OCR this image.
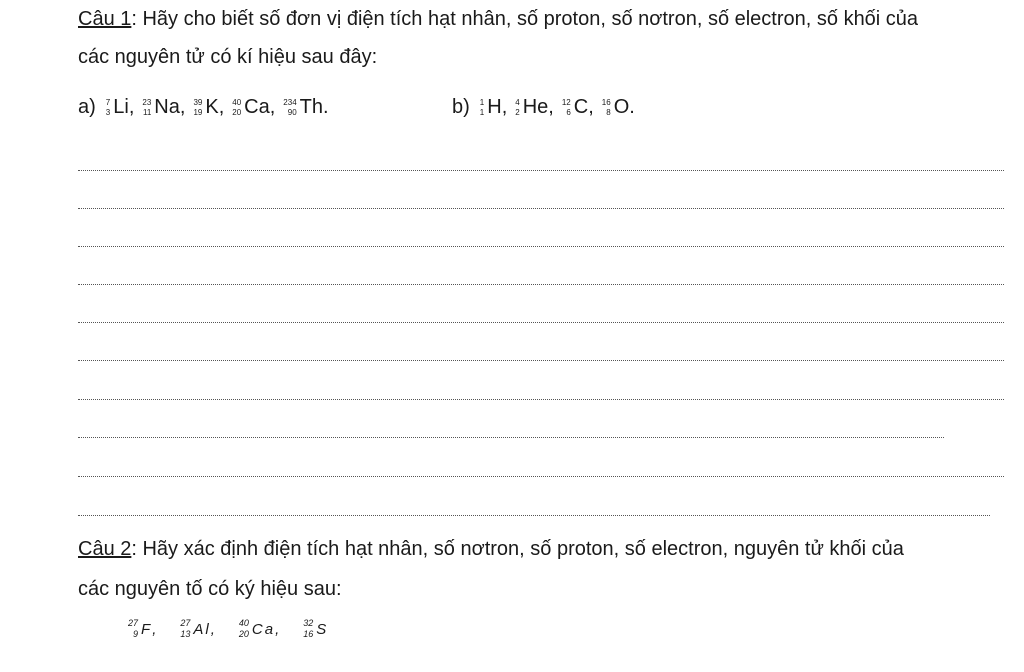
Câu 1: Hãy cho biết số đơn vị điện tích hạt nhân, số proton, số nơtron, số electron, số khối của
các nguyên tử có kí hiệu sau đây:
a) 7
3 Li , 23
11 Na , 39
19 K , 40
20 Ca , 234
90 Th .	b) 1
1 H , 4
2 He , 12
6 C , 16
8 O .
Câu 2: Hãy xác định điện tích hạt nhân, số nơtron, số proton, số electron, nguyên tử khối của
các nguyên tố có ký hiệu sau:
27
9 F ,	27
13 Al ,	40
20 Ca ,	32
16 S
